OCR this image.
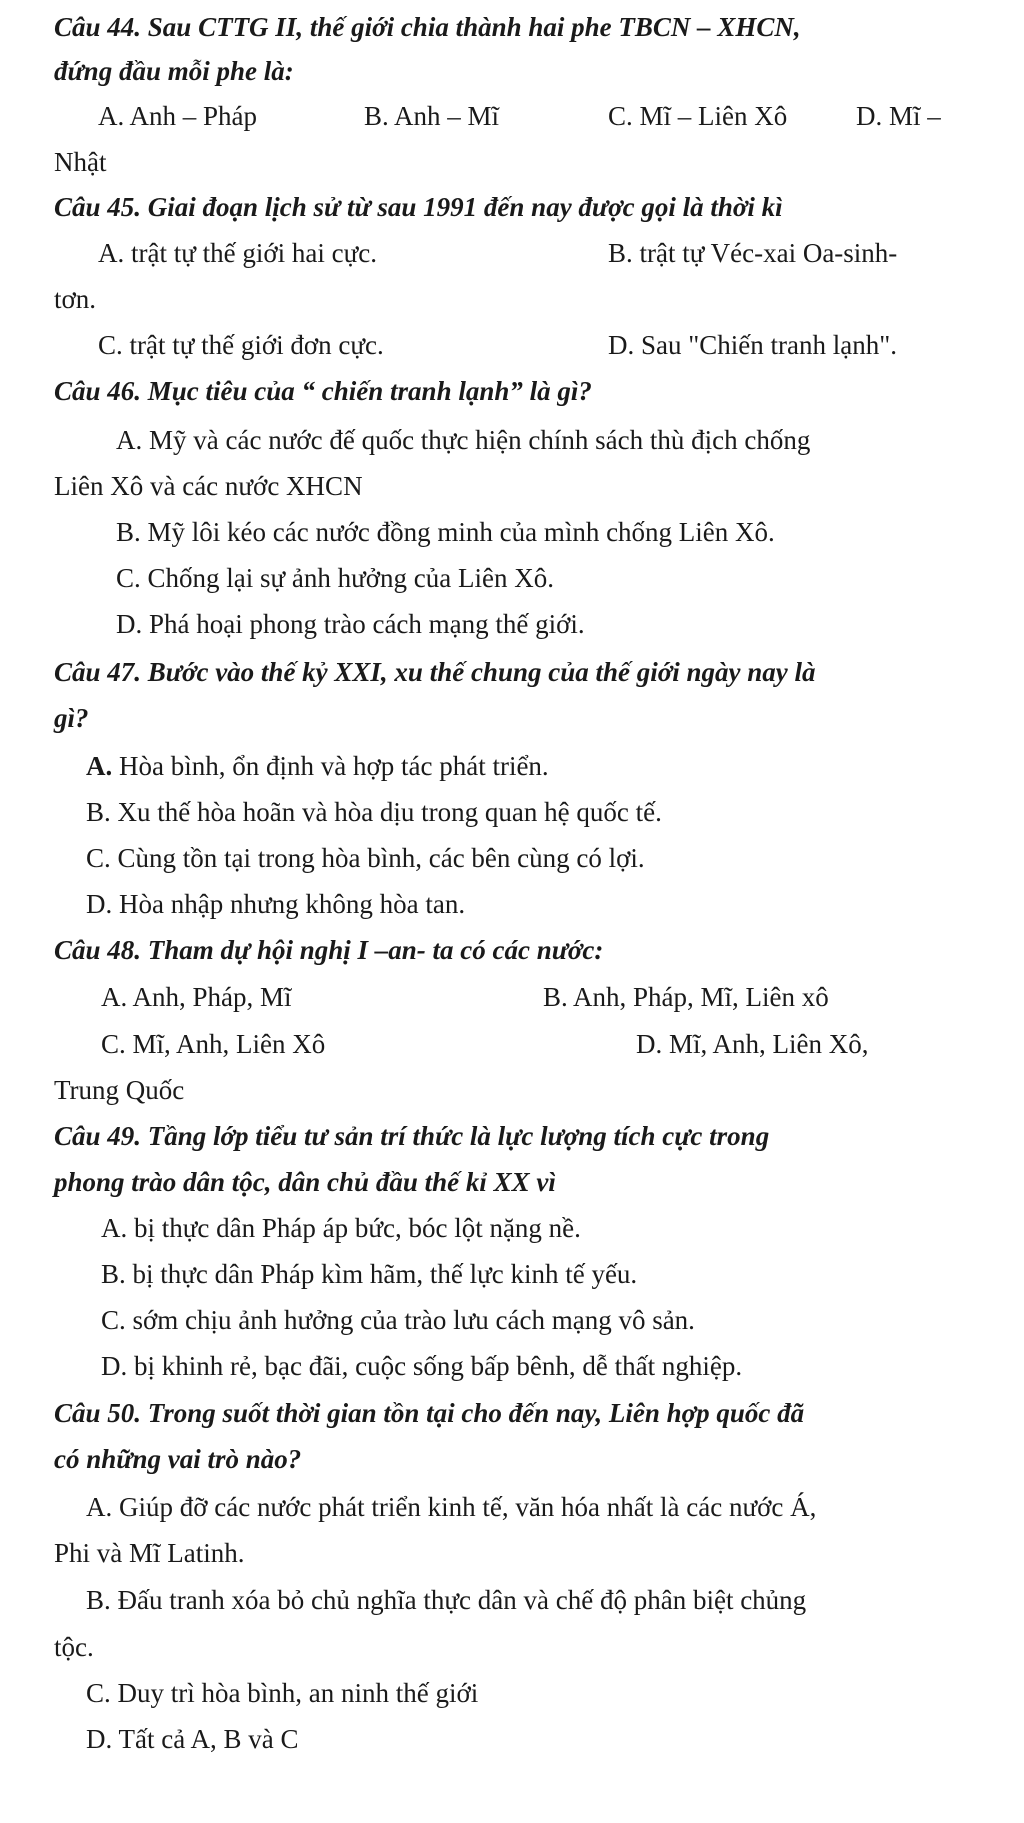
Câu 44. Sau CTTG II, thế giới chia thành hai phe TBCN – XHCN,

đứng đầu mỗi phe là:

A. Anh – Pháp	B. Anh – Mĩ	C. Mĩ – Liên Xô	D. Mĩ –

Nhật

Câu 45. Giai đoạn lịch sử từ sau 1991 đến nay được gọi là thời kì

A. trật tự thế giới hai cực.	B. trật tự Véc-xai Oa-sinh-

tơn.

C. trật tự thế giới đơn cực.	D. Sau "Chiến tranh lạnh".

Câu 46. Mục tiêu của “ chiến tranh lạnh” là gì?

A. Mỹ và các nước đế quốc thực hiện chính sách thù địch chống

Liên Xô và các nước XHCN

B. Mỹ lôi kéo các nước đồng minh của mình chống Liên Xô.

C. Chống lại sự ảnh hưởng của Liên Xô.

D. Phá hoại phong trào cách mạng thế giới.

Câu 47. Bước vào thế kỷ XXI, xu thế chung của thế giới ngày nay là

gì?

A. Hòa bình, ổn định và hợp tác phát triển.

B. Xu thế hòa hoãn và hòa dịu trong quan hệ quốc tế.

C. Cùng tồn tại trong hòa bình, các bên cùng có lợi.

D. Hòa nhập nhưng không hòa tan.

Câu 48. Tham dự hội nghị I –an- ta có các nước:

A. Anh, Pháp, Mĩ	B. Anh, Pháp, Mĩ, Liên xô

C. Mĩ, Anh, Liên Xô	D. Mĩ, Anh, Liên Xô,

Trung Quốc

Câu 49. Tầng lớp tiểu tư sản trí thức là lực lượng tích cực trong

phong trào dân tộc, dân chủ đầu thế kỉ XX vì

A. bị thực dân Pháp áp bức, bóc lột nặng nề.

B. bị thực dân Pháp kìm hãm, thế lực kinh tế yếu.

C. sớm chịu ảnh hưởng của trào lưu cách mạng vô sản.

D. bị khinh rẻ, bạc đãi, cuộc sống bấp bênh, dễ thất nghiệp.

Câu 50. Trong suốt thời gian tồn tại cho đến nay, Liên hợp quốc đã

có những vai trò nào?

A. Giúp đỡ các nước phát triển kinh tế, văn hóa nhất là các nước Á,

Phi và Mĩ Latinh.

B. Đấu tranh xóa bỏ chủ nghĩa thực dân và chế độ phân biệt chủng

tộc.

C. Duy trì hòa bình, an ninh thế giới

D. Tất cả A, B và C
